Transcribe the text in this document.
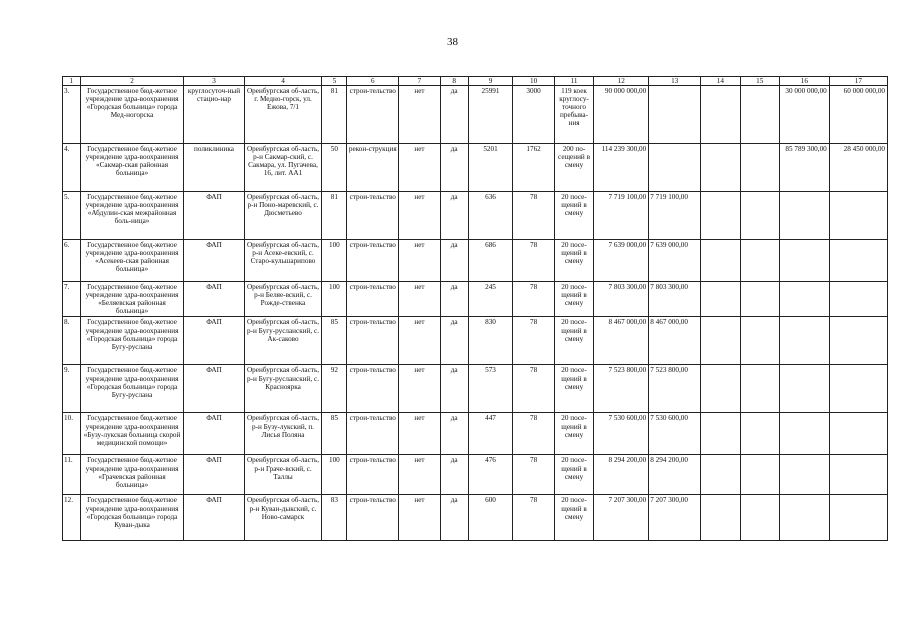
38
1	2	3	4	5	6	7	8	9	10	11	12	13	14	15	16	17
3.	Государственное бюд-жетное учреждение здра-воохранения «Городская больница» города Мед-ногорска	круглосуточ-ный стацио-нар	Оренбургская об-ласть, г. Медно-горск, ул. Ежова, 7/1	81	строи-тельство	нет	да	25991	3000	119 коек круглосу-точного пребыва-ния	90 000 000,00				30 000 000,00	60 000 000,00
4.	Государственное бюд-жетное учреждение здра-воохранения «Сакмар-ская районная больница»	поликлиника	Оренбургская об-ласть, р-н Сакмар-ский, с. Сакмара, ул. Пугачева, 16, лит. АА1	50	рекон-струкция	нет	да	5201	1762	200 по-сещений в смену	114 239 300,00				85 789 300,00	28 450 000,00
5.	Государственное бюд-жетное учреждение здра-воохранения «Абдулин-ская межрайонная боль-ница»	ФАП	Оренбургская об-ласть, р-н Поно-маревский, с. Дюсметьево	81	строи-тельство	нет	да	636	78	20 посе-щений в смену	7 719 100,00	7 719 100,00				
6.	Государственное бюд-жетное учреждение здра-воохранения «Асекеев-ская районная больница»	ФАП	Оренбургская об-ласть, р-н Асеке-евский, с. Старо-кульшарипово	100	строи-тельство	нет	да	686	78	20 посе-щений в смену	7 639 000,00	7 639 000,00				
7.	Государственное бюд-жетное учреждение здра-воохранения «Беляевская районная больница»	ФАП	Оренбургская об-ласть, р-н Беляе-вский, с. Рожде-ственка	100	строи-тельство	нет	да	245	78	20 посе-щений в смену	7 803 300,00	7 803 300,00				
8.	Государственное бюд-жетное учреждение здра-воохранения «Городская больница» города Бугу-руслана	ФАП	Оренбургская об-ласть, р-н Бугу-русланский, с. Ак-саково	85	строи-тельство	нет	да	830	78	20 посе-щений в смену	8 467 000,00	8 467 000,00				
9.	Государственное бюд-жетное учреждение здра-воохранения «Городская больница» города Бугу-руслана	ФАП	Оренбургская об-ласть, р-н Бугу-русланский, с. Красноярка	92	строи-тельство	нет	да	573	78	20 посе-щений в смену	7 523 800,00	7 523 800,00				
10.	Государственное бюд-жетное учреждение здра-воохранения «Бузу-лукская больница скорой медицинской помощи»	ФАП	Оренбургская об-ласть, р-н Бузу-лукский, п. Лисья Поляна	85	строи-тельство	нет	да	447	78	20 посе-щений в смену	7 530 600,00	7 530 600,00				
11.	Государственное бюд-жетное учреждение здра-воохранения «Грачевская районная больница»	ФАП	Оренбургская об-ласть, р-н Граче-вский, с. Таллы	100	строи-тельство	нет	да	476	78	20 посе-щений в смену	8 294 200,00	8 294 200,00				
12.	Государственное бюд-жетное учреждение здра-воохранения «Городская больница» города Куван-дыка	ФАП	Оренбургская об-ласть, р-н Куван-дыкский, с. Ново-самарск	83	строи-тельство	нет	да	600	78	20 посе-щений в смену	7 207 300,00	7 207 300,00				
